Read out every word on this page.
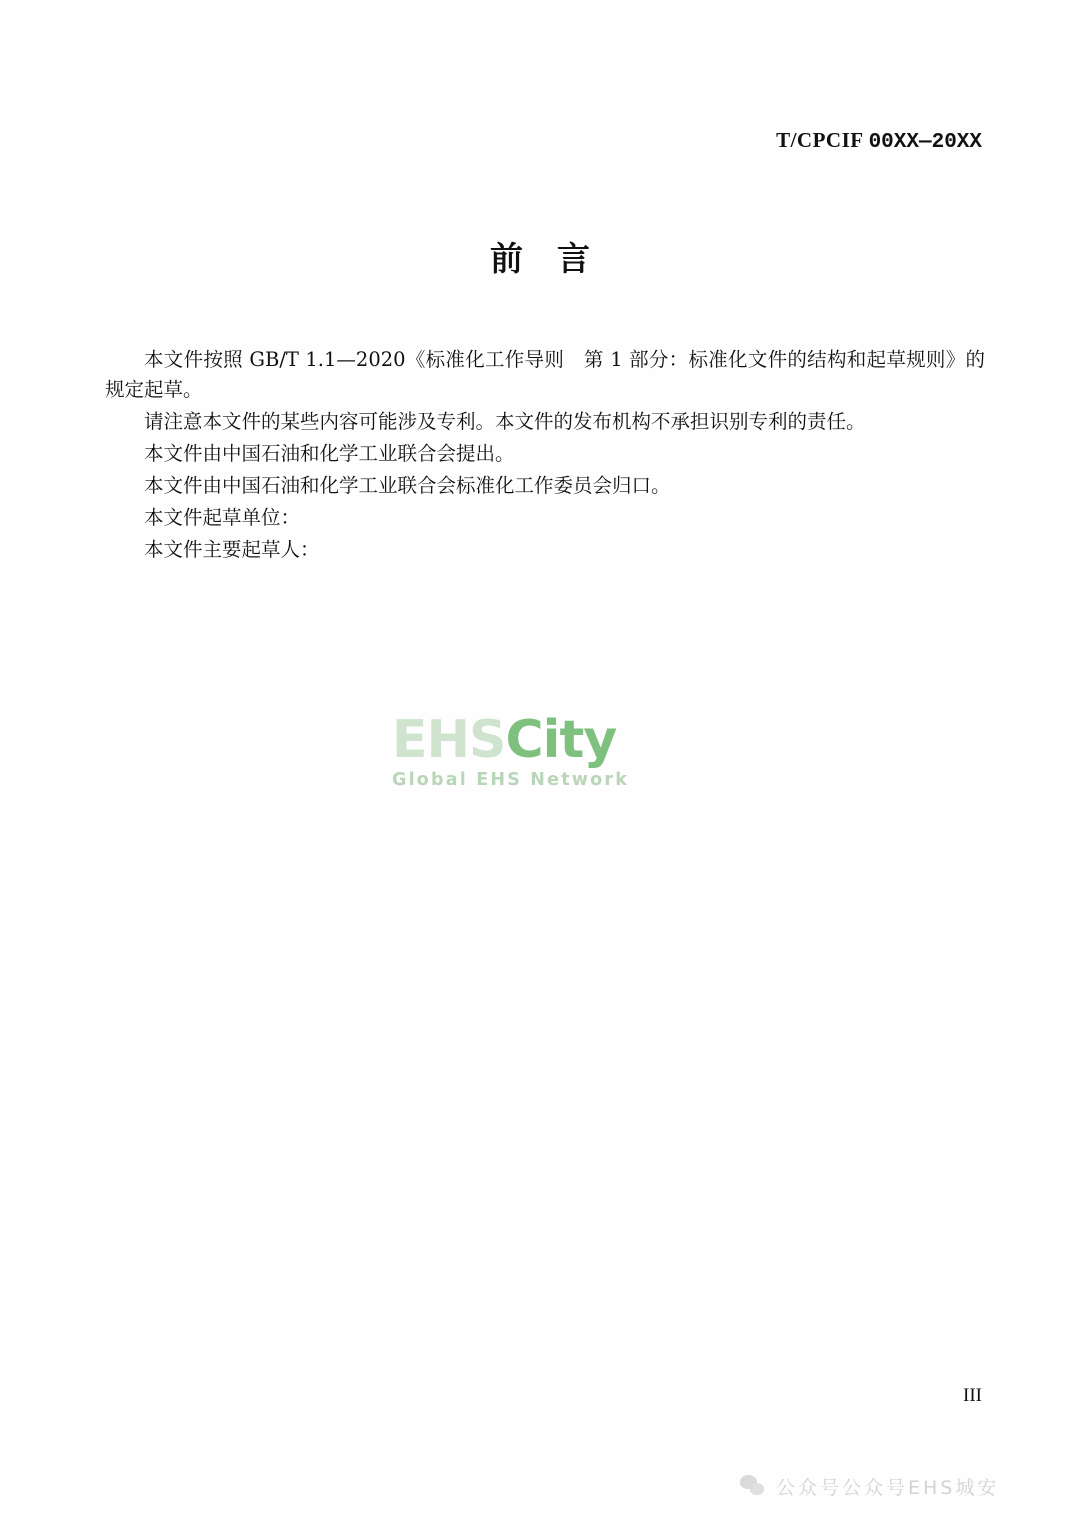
T/CPCIF 00XX—20XX
前 言

本文件按照 GB/T 1.1—2020《标准化工作导则　第 1 部分：标准化文件的结构和起草规则》的规定起草。

请注意本文件的某些内容可能涉及专利。本文件的发布机构不承担识别专利的责任。

本文件由中国石油和化学工业联合会提出。

本文件由中国石油和化学工业联合会标准化工作委员会归口。

本文件起草单位：

本文件主要起草人：

EHSCity
Global EHS Network
III
公众号公众号EHS城安
